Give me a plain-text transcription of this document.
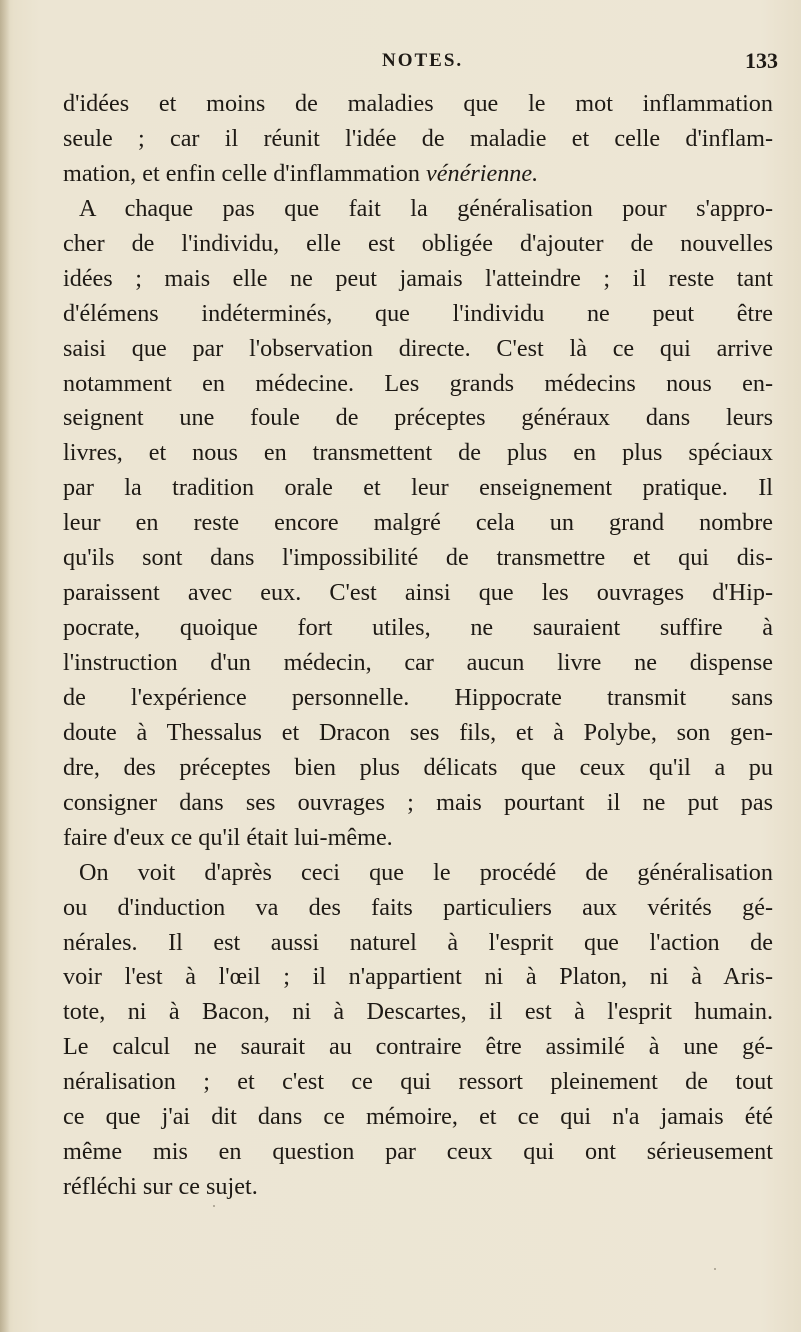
NOTES.	133
d'idées et moins de maladies que le mot inflammation
seule ; car il réunit l'idée de maladie et celle d'inflam-
mation, et enfin celle d'inflammation vénérienne.
A chaque pas que fait la généralisation pour s'appro-
cher de l'individu, elle est obligée d'ajouter de nouvelles
idées ; mais elle ne peut jamais l'atteindre ; il reste tant
d'élémens indéterminés, que l'individu ne peut être
saisi que par l'observation directe. C'est là ce qui arrive
notamment en médecine. Les grands médecins nous en-
seignent une foule de préceptes généraux dans leurs
livres, et nous en transmettent de plus en plus spéciaux
par la tradition orale et leur enseignement pratique. Il
leur en reste encore malgré cela un grand nombre
qu'ils sont dans l'impossibilité de transmettre et qui dis-
paraissent avec eux. C'est ainsi que les ouvrages d'Hip-
pocrate, quoique fort utiles, ne sauraient suffire à
l'instruction d'un médecin, car aucun livre ne dispense
de l'expérience personnelle. Hippocrate transmit sans
doute à Thessalus et Dracon ses fils, et à Polybe, son gen-
dre, des préceptes bien plus délicats que ceux qu'il a pu
consigner dans ses ouvrages ; mais pourtant il ne put pas
faire d'eux ce qu'il était lui-même.
On voit d'après ceci que le procédé de généralisation
ou d'induction va des faits particuliers aux vérités gé-
nérales. Il est aussi naturel à l'esprit que l'action de
voir l'est à l'œil ; il n'appartient ni à Platon, ni à Aris-
tote, ni à Bacon, ni à Descartes, il est à l'esprit humain.
Le calcul ne saurait au contraire être assimilé à une gé-
néralisation ; et c'est ce qui ressort pleinement de tout
ce que j'ai dit dans ce mémoire, et ce qui n'a jamais été
même mis en question par ceux qui ont sérieusement
réfléchi sur ce sujet.
